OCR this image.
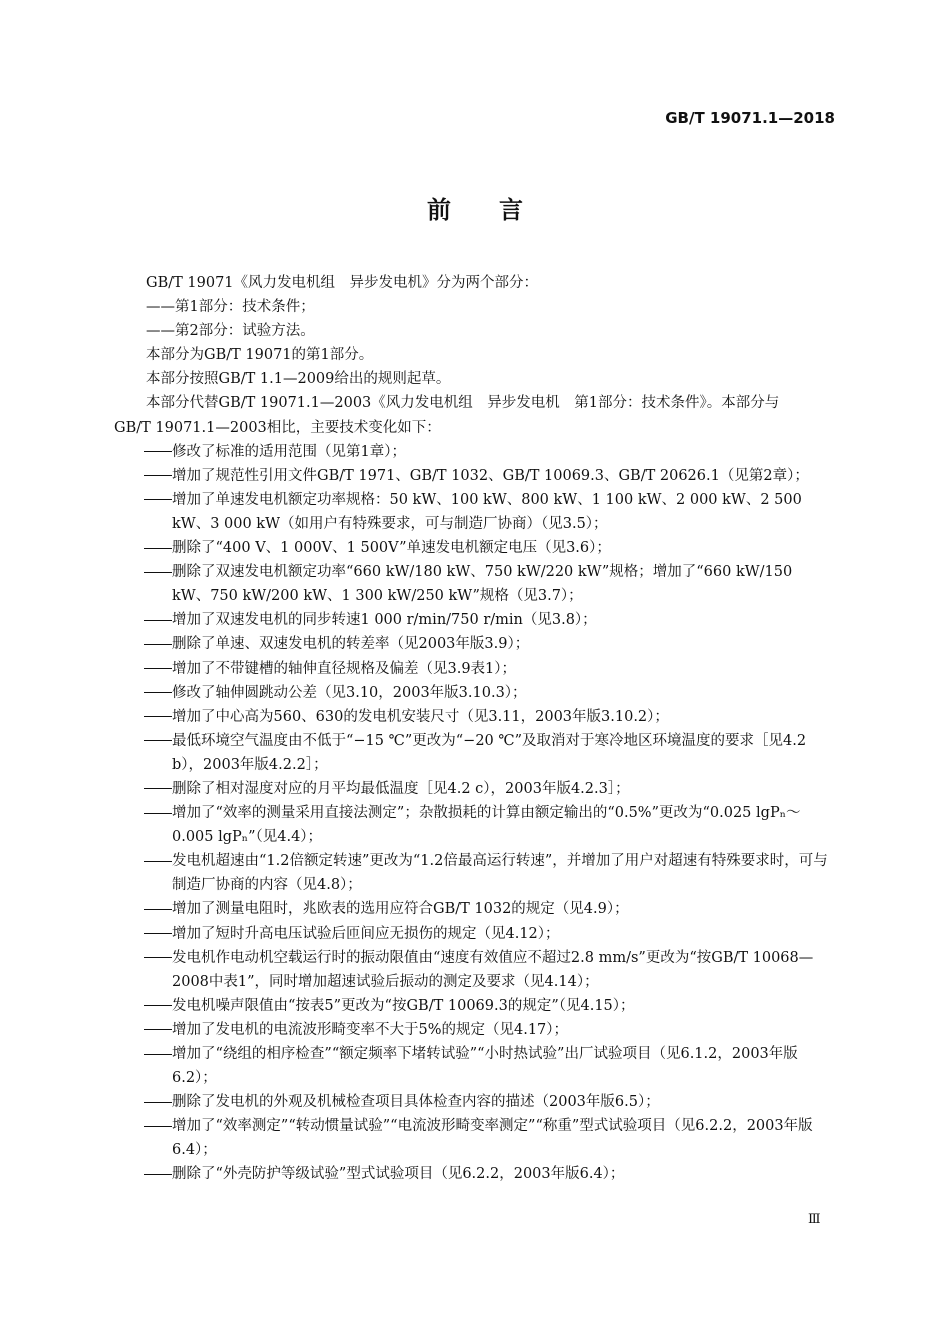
GB/T 19071.1—2018
前言

GB/T 19071《风力发电机组　异步发电机》分为两个部分：

——第1部分：技术条件；

——第2部分：试验方法。

本部分为GB/T 19071的第1部分。

本部分按照GB/T 1.1—2009给出的规则起草。

本部分代替GB/T 19071.1—2003《风力发电机组　异步发电机　第1部分：技术条件》。本部分与

GB/T 19071.1—2003相比，主要技术变化如下：

修改了标准的适用范围（见第1章）；
增加了规范性引用文件GB/T 1971、GB/T 1032、GB/T 10069.3、GB/T 20626.1（见第2章）；
增加了单速发电机额定功率规格：50 kW、100 kW、800 kW、1 100 kW、2 000 kW、2 500 kW、3 000 kW（如用户有特殊要求，可与制造厂协商）（见3.5）；
删除了“400 V、1 000V、1 500V”单速发电机额定电压（见3.6）；
删除了双速发电机额定功率“660 kW/180 kW、750 kW/220 kW”规格；增加了“660 kW/150 kW、750 kW/200 kW、1 300 kW/250 kW”规格（见3.7）；
增加了双速发电机的同步转速1 000 r/min/750 r/min（见3.8）；
删除了单速、双速发电机的转差率（见2003年版3.9）；
增加了不带键槽的轴伸直径规格及偏差（见3.9表1）；
修改了轴伸圆跳动公差（见3.10，2003年版3.10.3）；
增加了中心高为560、630的发电机安装尺寸（见3.11，2003年版3.10.2）；
最低环境空气温度由不低于“−15 ℃”更改为“−20 ℃”及取消对于寒冷地区环境温度的要求［见4.2 b），2003年版4.2.2］；
删除了相对湿度对应的月平均最低温度［见4.2 c），2003年版4.2.3］；
增加了“效率的测量采用直接法测定”；杂散损耗的计算由额定输出的“0.5%”更改为“0.025 lgPₙ～0.005 lgPₙ”（见4.4）；
发电机超速由“1.2倍额定转速”更改为“1.2倍最高运行转速”，并增加了用户对超速有特殊要求时，可与制造厂协商的内容（见4.8）；
增加了测量电阻时，兆欧表的选用应符合GB/T 1032的规定（见4.9）；
增加了短时升高电压试验后匝间应无损伤的规定（见4.12）；
发电机作电动机空载运行时的振动限值由“速度有效值应不超过2.8 mm/s”更改为“按GB/T 10068—2008中表1”，同时增加超速试验后振动的测定及要求（见4.14）；
发电机噪声限值由“按表5”更改为“按GB/T 10069.3的规定”（见4.15）；
增加了发电机的电流波形畸变率不大于5%的规定（见4.17）；
增加了“绕组的相序检查”“额定频率下堵转试验”“小时热试验”出厂试验项目（见6.1.2，2003年版6.2）；
删除了发电机的外观及机械检查项目具体检查内容的描述（2003年版6.5）；
增加了“效率测定”“转动惯量试验”“电流波形畸变率测定”“称重”型式试验项目（见6.2.2，2003年版6.4）；
删除了“外壳防护等级试验”型式试验项目（见6.2.2，2003年版6.4）；
Ⅲ
